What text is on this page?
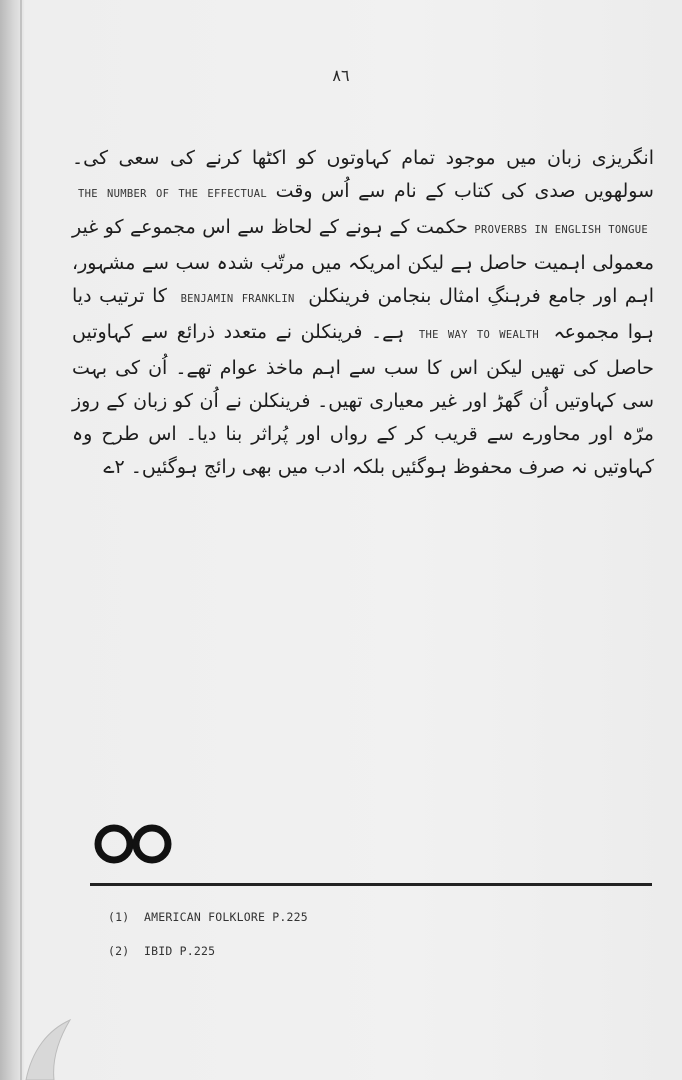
٨٦
انگریزی زبان میں موجود تمام کہاوتوں کو اکٹھا کرنے کی سعی کی۔ سولھویں صدی کی کتاب کے نام سے اُس وقت THE NUMBER OF THE EFFECTUAL PROVERBS IN ENGLISH TONGUE حکمت کے ہونے کے لحاظ سے اس مجموعے کو غیر معمولی اہمیت حاصل ہے لیکن امریکہ میں مرتّب شدہ سب سے مشہور، اہم اور جامع فرہنگِ امثال بنجامن فرینکلن BENJAMIN FRANKLIN کا ترتیب دیا ہوا مجموعہ THE WAY TO WEALTH ہے۔ فرینکلن نے متعدد ذرائع سے کہاوتیں حاصل کی تھیں لیکن اس کا سب سے اہم ماخذ عوام تھے۔ اُن کی بہت سی کہاوتیں اُن گھڑ اور غیر معیاری تھیں۔ فرینکلن نے اُن کو زبان کے روز مرّہ اور محاورے سے قریب کر کے رواں اور پُراثر بنا دیا۔ اس طرح وہ کہاوتیں نہ صرف محفوظ ہوگئیں بلکہ ادب میں بھی رائج ہوگئیں۔ ۲ے
(1) AMERICAN FOLKLORE P.225
(2) IBID P.225
